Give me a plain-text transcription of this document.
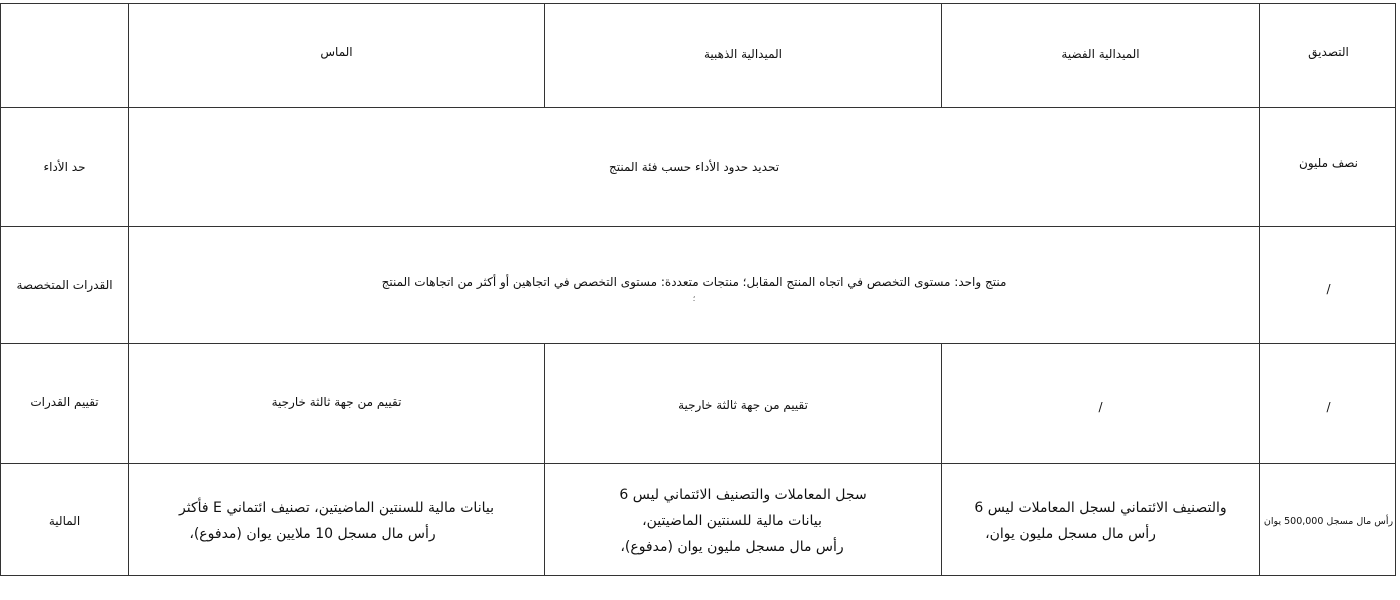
التصديق
الميدالية الفضية
الميدالية الذهبية
الماس
نصف مليون
تحديد حدود الأداء حسب فئة المنتج
حد الأداء
/
منتج واحد: مستوى التخصص في اتجاه المنتج المقابل؛ منتجات متعددة: مستوى التخصص في اتجاهين أو أكثر من اتجاهات المنتج
؛
القدرات المتخصصة
/
/
تقييم من جهة ثالثة خارجية
تقييم من جهة ثالثة خارجية
تقييم القدرات
رأس مال مسجل 500,000 يوان
والتصنيف الائتماني لسجل المعاملات ليس 6
رأس مال مسجل مليون يوان،
سجل المعاملات والتصنيف الائتماني ليس 6
بيانات مالية للسنتين الماضيتين،
رأس مال مسجل مليون يوان (مدفوع)،
بيانات مالية للسنتين الماضيتين، تصنيف ائتماني E فأكثر
رأس مال مسجل 10 ملايين يوان (مدفوع)،
المالية
